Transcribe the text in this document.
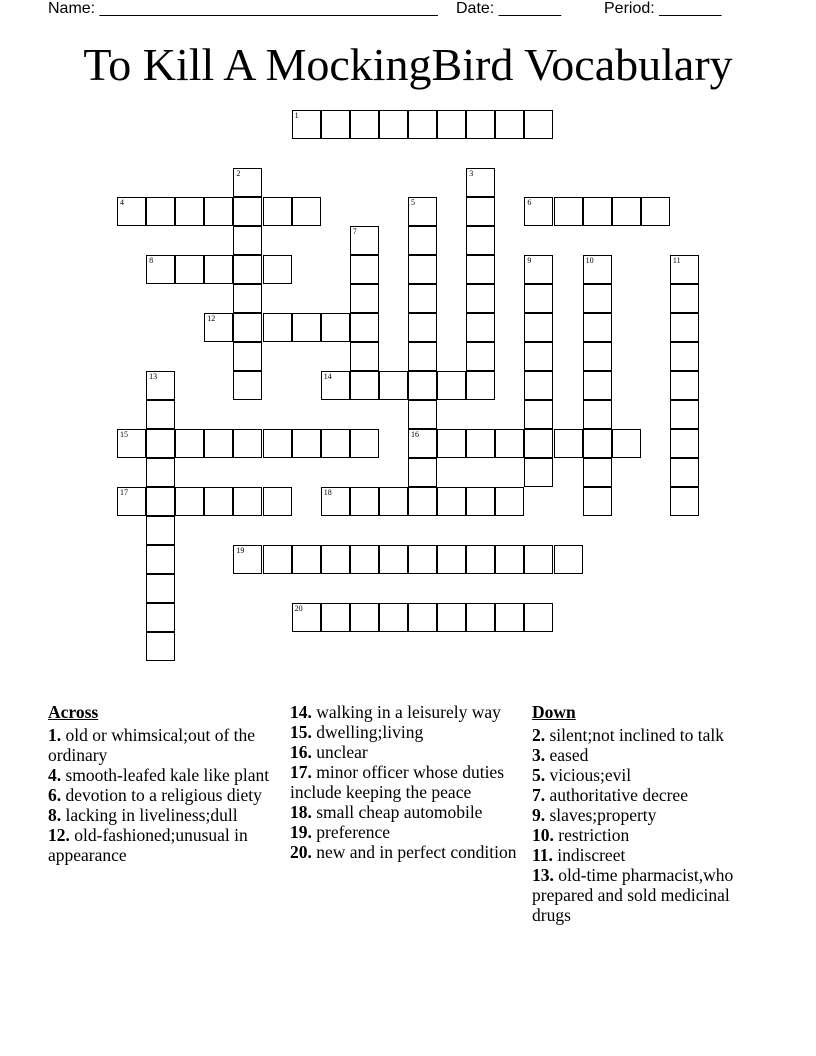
Name: ______________________________________ Date: _______	Period: _______
To Kill A MockingBird Vocabulary
1
2	3
4	5
16
6
7
8	9	10	11
12
13	14
15
17	18
19
20
Across

1. old or whimsical;out of the ordinary

4. smooth-leafed kale like plant

6. devotion to a religious diety

8. lacking in liveliness;dull

12. old-fashioned;unusual in appearance

14. walking in a leisurely way

15. dwelling;living

16. unclear

17. minor officer whose duties include keeping the peace

18. small cheap automobile

19. preference

20. new and in perfect condition

Down

2. silent;not inclined to talk

3. eased

5. vicious;evil

7. authoritative decree

9. slaves;property

10. restriction

11. indiscreet

13. old-time pharmacist,who prepared and sold medicinal drugs
